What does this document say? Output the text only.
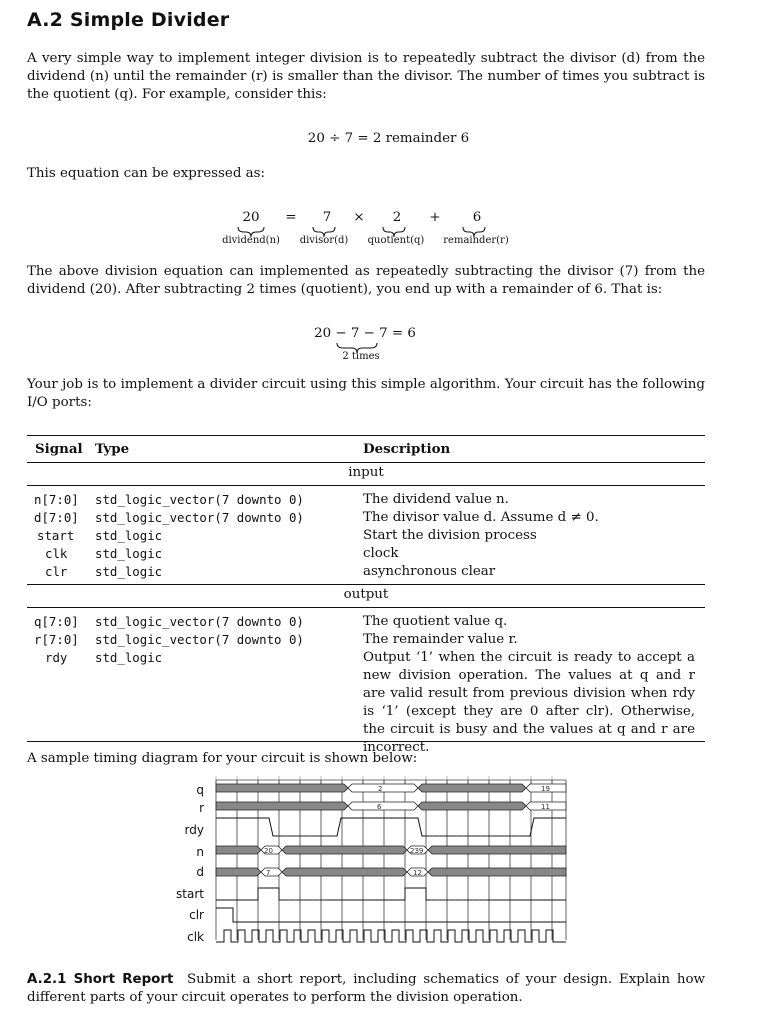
A.2 Simple Divider

A very simple way to implement integer division is to repeatedly subtract the divisor (d) from the dividend (n) until the remainder (r) is smaller than the divisor. The number of times you subtract is the quotient (q). For example, consider this:

20 ÷ 7 = 2 remainder 6

This equation can be expressed as:

20	= 7 × 2 + 6
dividend(n)	divisor(d)	quotient(q)	remainder(r)

The above division equation can implemented as repeatedly subtracting the divisor (7) from the dividend (20). After subtracting 2 times (quotient), you end up with a remainder of 6. That is:

20 − 7 − 7 = 6
2 times

Your job is to implement a divider circuit using this simple algorithm. Your circuit has the following I/O ports:

Signal Type	Description
input
n[7:0] std_logic_vector(7 downto 0)	The dividend value n.
d[7:0] std_logic_vector(7 downto 0)	The divisor value d. Assume d ≠ 0.
start std_logic	Start the division process
clk std_logic	clock
clr std_logic	asynchronous clear
output
q[7:0] std_logic_vector(7 downto 0)	The quotient value q.
r[7:0] std_logic_vector(7 downto 0)	The remainder value r.
rdy std_logic	Output ‘1’ when the circuit is ready to accept a new division operation. The values at q and r are valid result from previous division when rdy is ‘1’ (except they are 0 after clr). Otherwise, the circuit is busy and the values at q and r are incorrect.

A sample timing diagram for your circuit is shown below:

q
r
rdy
n
d
start
clr
clk
2	19
6	11
20	239
7	12

A.2.1 Short Report Submit a short report, including schematics of your design. Explain how different parts of your circuit operates to perform the division operation.
